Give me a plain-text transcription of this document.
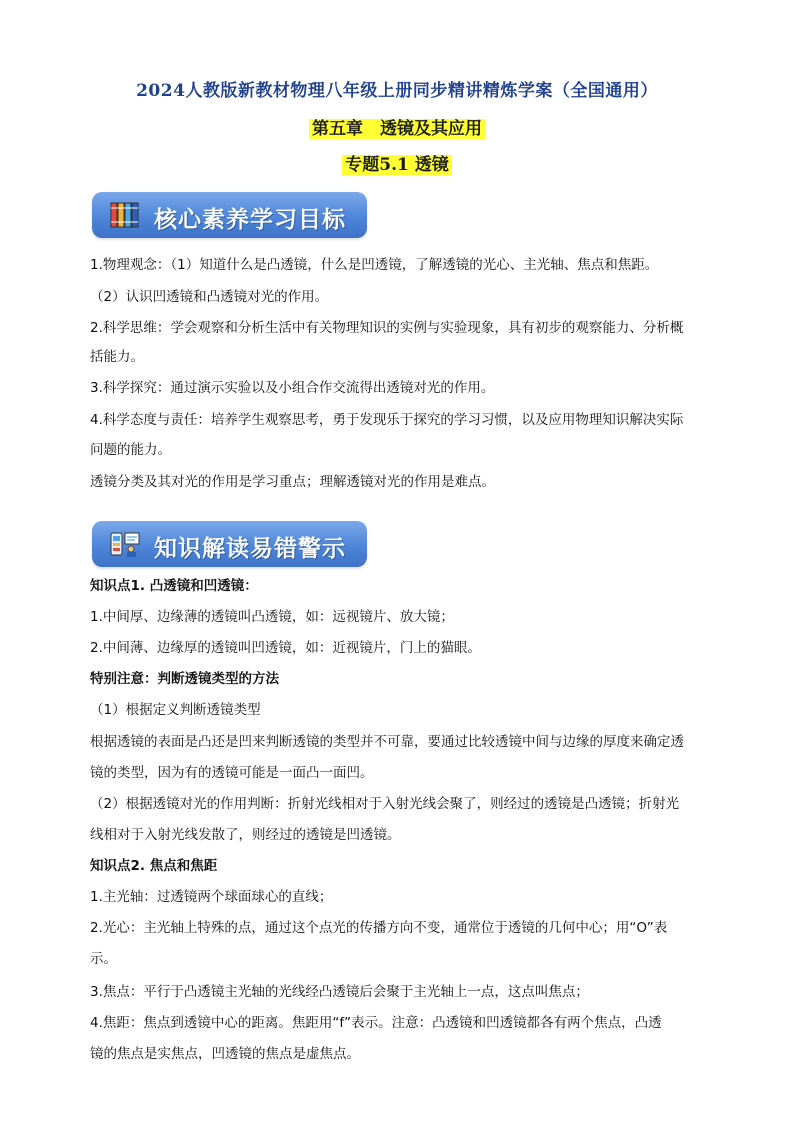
2024人教版新教材物理八年级上册同步精讲精炼学案（全国通用）
第五章　透镜及其应用
专题5.1 透镜
核心素养学习目标
1.物理观念：（1）知道什么是凸透镜，什么是凹透镜，了解透镜的光心、主光轴、焦点和焦距。
（2）认识凹透镜和凸透镜对光的作用。
2.科学思维：学会观察和分析生活中有关物理知识的实例与实验现象，具有初步的观察能力、分析概
括能力。
3.科学探究：通过演示实验以及小组合作交流得出透镜对光的作用。
4.科学态度与责任：培养学生观察思考，勇于发现乐于探究的学习习惯，以及应用物理知识解决实际
问题的能力。
透镜分类及其对光的作用是学习重点；理解透镜对光的作用是难点。
知识解读易错警示
知识点1. 凸透镜和凹透镜：
1.中间厚、边缘薄的透镜叫凸透镜，如：远视镜片、放大镜；
2.中间薄、边缘厚的透镜叫凹透镜，如：近视镜片，门上的猫眼。
特别注意：判断透镜类型的方法
（1）根据定义判断透镜类型
根据透镜的表面是凸还是凹来判断透镜的类型并不可靠，要通过比较透镜中间与边缘的厚度来确定透
镜的类型，因为有的透镜可能是一面凸一面凹。
（2）根据透镜对光的作用判断：折射光线相对于入射光线会聚了，则经过的透镜是凸透镜；折射光
线相对于入射光线发散了，则经过的透镜是凹透镜。
知识点2. 焦点和焦距
1.主光轴：过透镜两个球面球心的直线；
2.光心：主光轴上特殊的点，通过这个点光的传播方向不变，通常位于透镜的几何中心；用“O”表
示。
3.焦点：平行于凸透镜主光轴的光线经凸透镜后会聚于主光轴上一点，这点叫焦点；
4.焦距：焦点到透镜中心的距离。焦距用“f”表示。注意：凸透镜和凹透镜都各有两个焦点，凸透
镜的焦点是实焦点，凹透镜的焦点是虚焦点。
